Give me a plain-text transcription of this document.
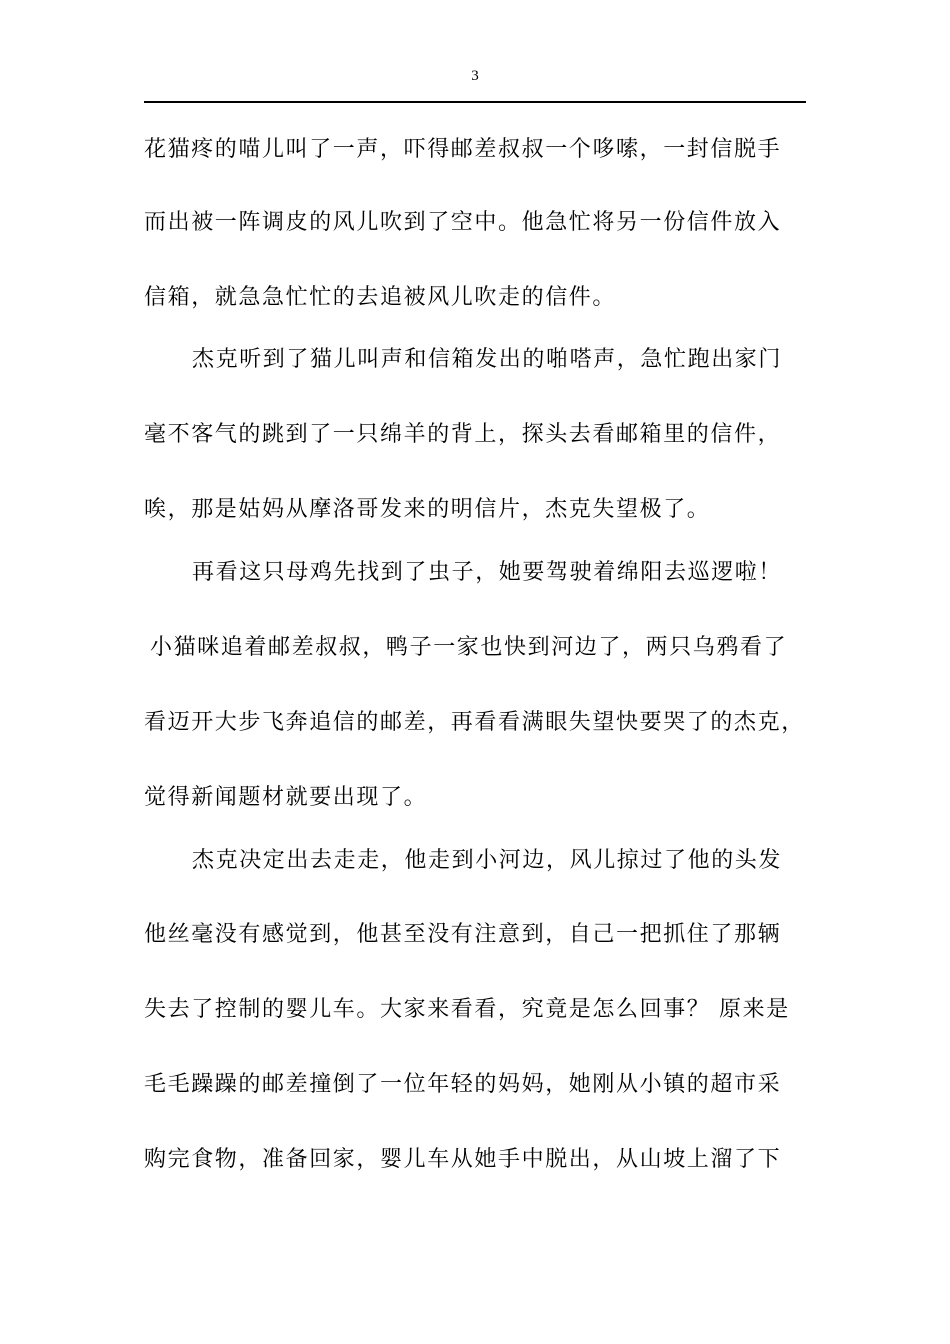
3
花猫疼的喵儿叫了一声，吓得邮差叔叔一个哆嗦，一封信脱手
而出被一阵调皮的风儿吹到了空中。他急忙将另一份信件放入
信箱，就急急忙忙的去追被风儿吹走的信件。
杰克听到了猫儿叫声和信箱发出的啪嗒声，急忙跑出家门
毫不客气的跳到了一只绵羊的背上，探头去看邮箱里的信件，
唉，那是姑妈从摩洛哥发来的明信片，杰克失望极了。
再看这只母鸡先找到了虫子，她要驾驶着绵阳去巡逻啦！
小猫咪追着邮差叔叔，鸭子一家也快到河边了，两只乌鸦看了
看迈开大步飞奔追信的邮差，再看看满眼失望快要哭了的杰克，
觉得新闻题材就要出现了。
杰克决定出去走走，他走到小河边，风儿掠过了他的头发
他丝毫没有感觉到，他甚至没有注意到，自己一把抓住了那辆
失去了控制的婴儿车。大家来看看，究竟是怎么回事？ 原来是
毛毛躁躁的邮差撞倒了一位年轻的妈妈，她刚从小镇的超市采
购完食物，准备回家，婴儿车从她手中脱出，从山坡上溜了下
